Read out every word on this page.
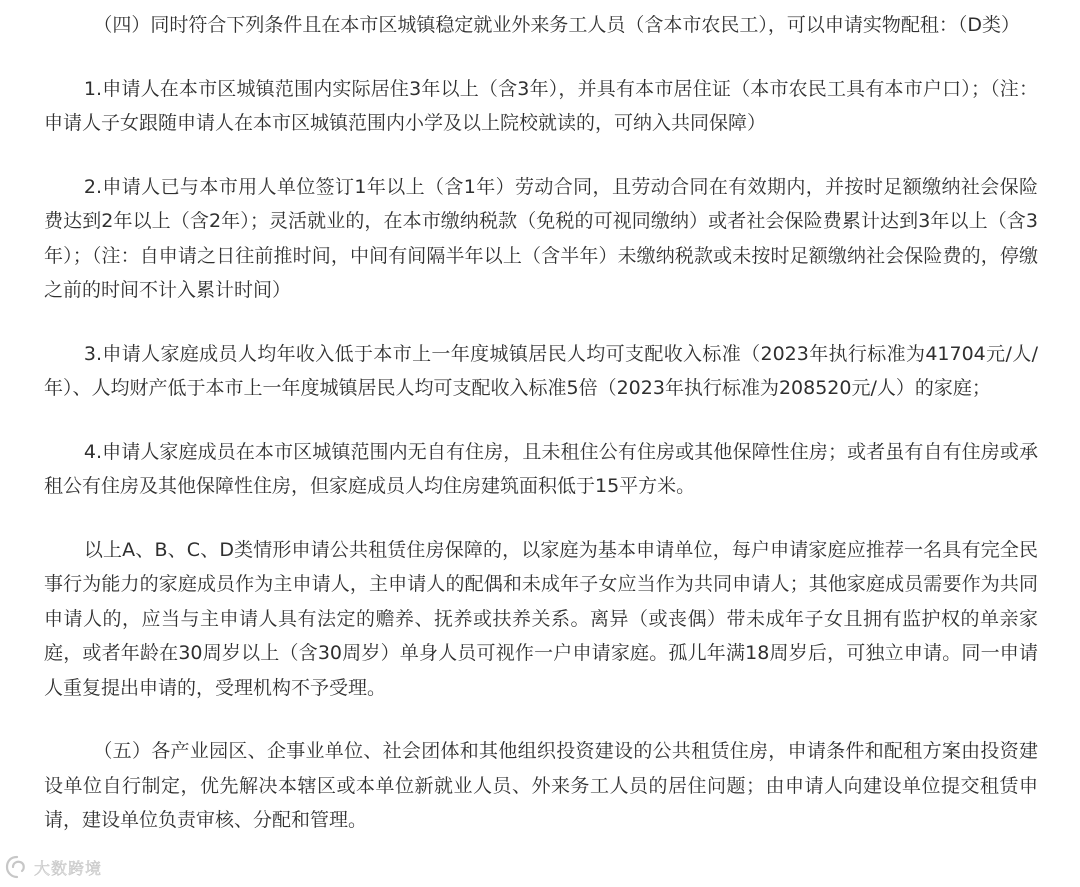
（四）同时符合下列条件且在本市区城镇稳定就业外来务工人员（含本市农民工），可以申请实物配租：（D类）

1.申请人在本市区城镇范围内实际居住3年以上（含3年），并具有本市居住证（本市农民工具有本市户口）；（注：申请人子女跟随申请人在本市区城镇范围内小学及以上院校就读的，可纳入共同保障）

2.申请人已与本市用人单位签订1年以上（含1年）劳动合同，且劳动合同在有效期内，并按时足额缴纳社会保险费达到2年以上（含2年）；灵活就业的，在本市缴纳税款（免税的可视同缴纳）或者社会保险费累计达到3年以上（含3年）；（注：自申请之日往前推时间，中间有间隔半年以上（含半年）未缴纳税款或未按时足额缴纳社会保险费的，停缴之前的时间不计入累计时间）

3.申请人家庭成员人均年收入低于本市上一年度城镇居民人均可支配收入标准（2023年执行标准为41704元/人/年）、人均财产低于本市上一年度城镇居民人均可支配收入标准5倍（2023年执行标准为208520元/人）的家庭；

4.申请人家庭成员在本市区城镇范围内无自有住房，且未租住公有住房或其他保障性住房；或者虽有自有住房或承租公有住房及其他保障性住房，但家庭成员人均住房建筑面积低于15平方米。

以上A、B、C、D类情形申请公共租赁住房保障的，以家庭为基本申请单位，每户申请家庭应推荐一名具有完全民事行为能力的家庭成员作为主申请人，主申请人的配偶和未成年子女应当作为共同申请人；其他家庭成员需要作为共同申请人的，应当与主申请人具有法定的赡养、抚养或扶养关系。离异（或丧偶）带未成年子女且拥有监护权的单亲家庭，或者年龄在30周岁以上（含30周岁）单身人员可视作一户申请家庭。孤儿年满18周岁后，可独立申请。同一申请人重复提出申请的，受理机构不予受理。

（五）各产业园区、企事业单位、社会团体和其他组织投资建设的公共租赁住房，申请条件和配租方案由投资建设单位自行制定，优先解决本辖区或本单位新就业人员、外来务工人员的居住问题；由申请人向建设单位提交租赁申请，建设单位负责审核、分配和管理。

大数跨境
